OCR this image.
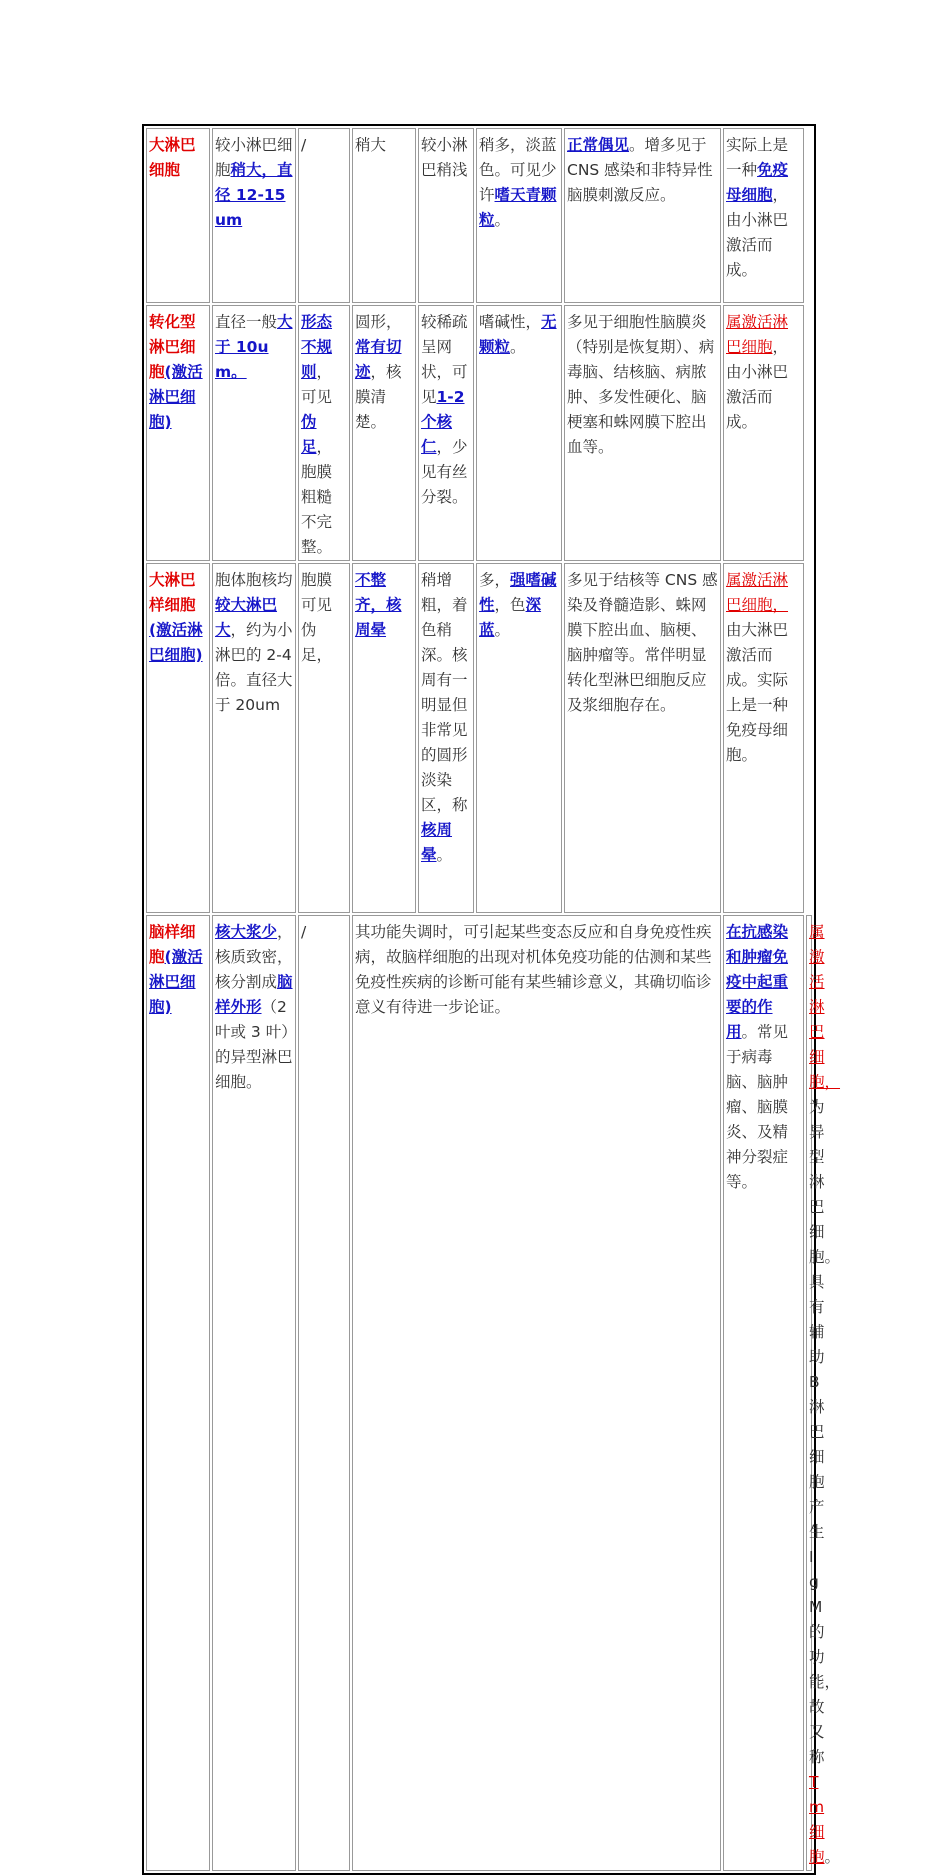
大淋巴细胞	较小淋巴细胞稍大，直径 12-15um	/	稍大	较小淋巴稍浅	稍多，淡蓝色。可见少许嗜天青颗粒。	正常偶见。增多见于 CNS 感染和非特异性脑膜刺激反应。	实际上是一种免疫母细胞，由小淋巴激活而成。	
转化型淋巴细胞(激活淋巴细胞)	直径一般大于 10um。	形态不规则，可见伪足，胞膜粗糙不完整。	圆形，常有切迹，核膜清楚。	较稀疏呈网状，可见1-2 个核仁，少见有丝分裂。	嗜碱性，无颗粒。	多见于细胞性脑膜炎（特别是恢复期）、病毒脑、结核脑、病脓肿、多发性硬化、脑梗塞和蛛网膜下腔出血等。	属激活淋巴细胞，由小淋巴激活而成。	
大淋巴样细胞(激活淋巴细胞)	胞体胞核均较大淋巴大，约为小淋巴的 2-4 倍。直径大于 20um	胞膜可见伪足，	不整齐，核周晕	稍增粗，着色稍深。核周有一明显但非常见的圆形淡染区，称核周晕。	多，强嗜碱性，色深蓝。	多见于结核等 CNS 感染及脊髓造影、蛛网膜下腔出血、脑梗、脑肿瘤等。常伴明显转化型淋巴细胞反应及浆细胞存在。	属激活淋巴细胞，由大淋巴激活而成。实际上是一种免疫母细胞。	
脑样细胞(激活淋巴细胞)	核大浆少，核质致密，核分割成脑样外形（2 叶或 3 叶）的异型淋巴细胞。	/	其功能失调时，可引起某些变态反应和自身免疫性疾病，故脑样细胞的出现对机体免疫功能的估测和某些免疫性疾病的诊断可能有某些辅诊意义，其确切临诊意义有待进一步论证。				在抗感染和肿瘤免疫中起重要的作用。常见于病毒脑、脑肿瘤、脑膜炎、及精神分裂症等。	属激活淋巴细胞，为异型淋巴细胞。具有辅助 B 淋巴细胞产生 IgM 的功能，故又称Tm 细胞。
